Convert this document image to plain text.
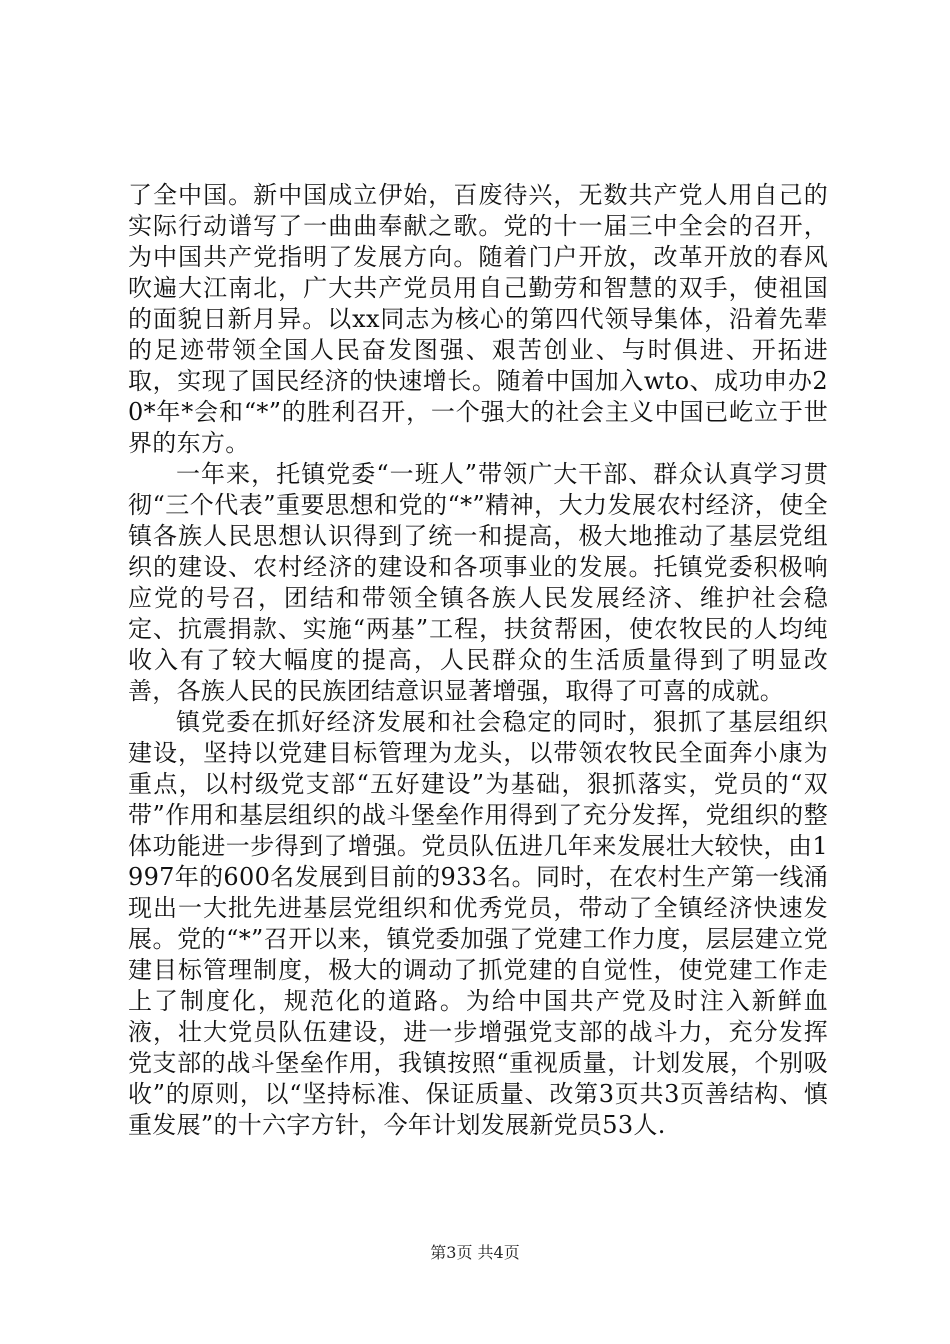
了全中国。新中国成立伊始，百废待兴，无数共产党人用自己的实际行动谱写了一曲曲奉献之歌。党的十一届三中全会的召开，为中国共产党指明了发展方向。随着门户开放，改革开放的春风吹遍大江南北，广大共产党员用自己勤劳和智慧的双手，使祖国的面貌日新月异。以xx同志为核心的第四代领导集体，沿着先辈的足迹带领全国人民奋发图强、艰苦创业、与时俱进、开拓进取，实现了国民经济的快速增长。随着中国加入wto、成功申办20*年*会和“*”的胜利召开，一个强大的社会主义中国已屹立于世界的东方。

一年来，托镇党委“一班人”带领广大干部、群众认真学习贯彻“三个代表”重要思想和党的“*”精神，大力发展农村经济，使全镇各族人民思想认识得到了统一和提高，极大地推动了基层党组织的建设、农村经济的建设和各项事业的发展。托镇党委积极响应党的号召，团结和带领全镇各族人民发展经济、维护社会稳定、抗震捐款、实施“两基”工程，扶贫帮困，使农牧民的人均纯收入有了较大幅度的提高，人民群众的生活质量得到了明显改善，各族人民的民族团结意识显著增强，取得了可喜的成就。

镇党委在抓好经济发展和社会稳定的同时，狠抓了基层组织建设，坚持以党建目标管理为龙头，以带领农牧民全面奔小康为重点，以村级党支部“五好建设”为基础，狠抓落实，党员的“双带”作用和基层组织的战斗堡垒作用得到了充分发挥，党组织的整体功能进一步得到了增强。党员队伍进几年来发展壮大较快，由1997年的600名发展到目前的933名。同时，在农村生产第一线涌现出一大批先进基层党组织和优秀党员，带动了全镇经济快速发展。党的“*”召开以来，镇党委加强了党建工作力度，层层建立党建目标管理制度，极大的调动了抓党建的自觉性，使党建工作走上了制度化，规范化的道路。为给中国共产党及时注入新鲜血液，壮大党员队伍建设，进一步增强党支部的战斗力，充分发挥党支部的战斗堡垒作用，我镇按照“重视质量，计划发展，个别吸收”的原则，以“坚持标准、保证质量、改第3页共3页善结构、慎重发展”的十六字方针，今年计划发展新党员53人.

第3页 共4页
